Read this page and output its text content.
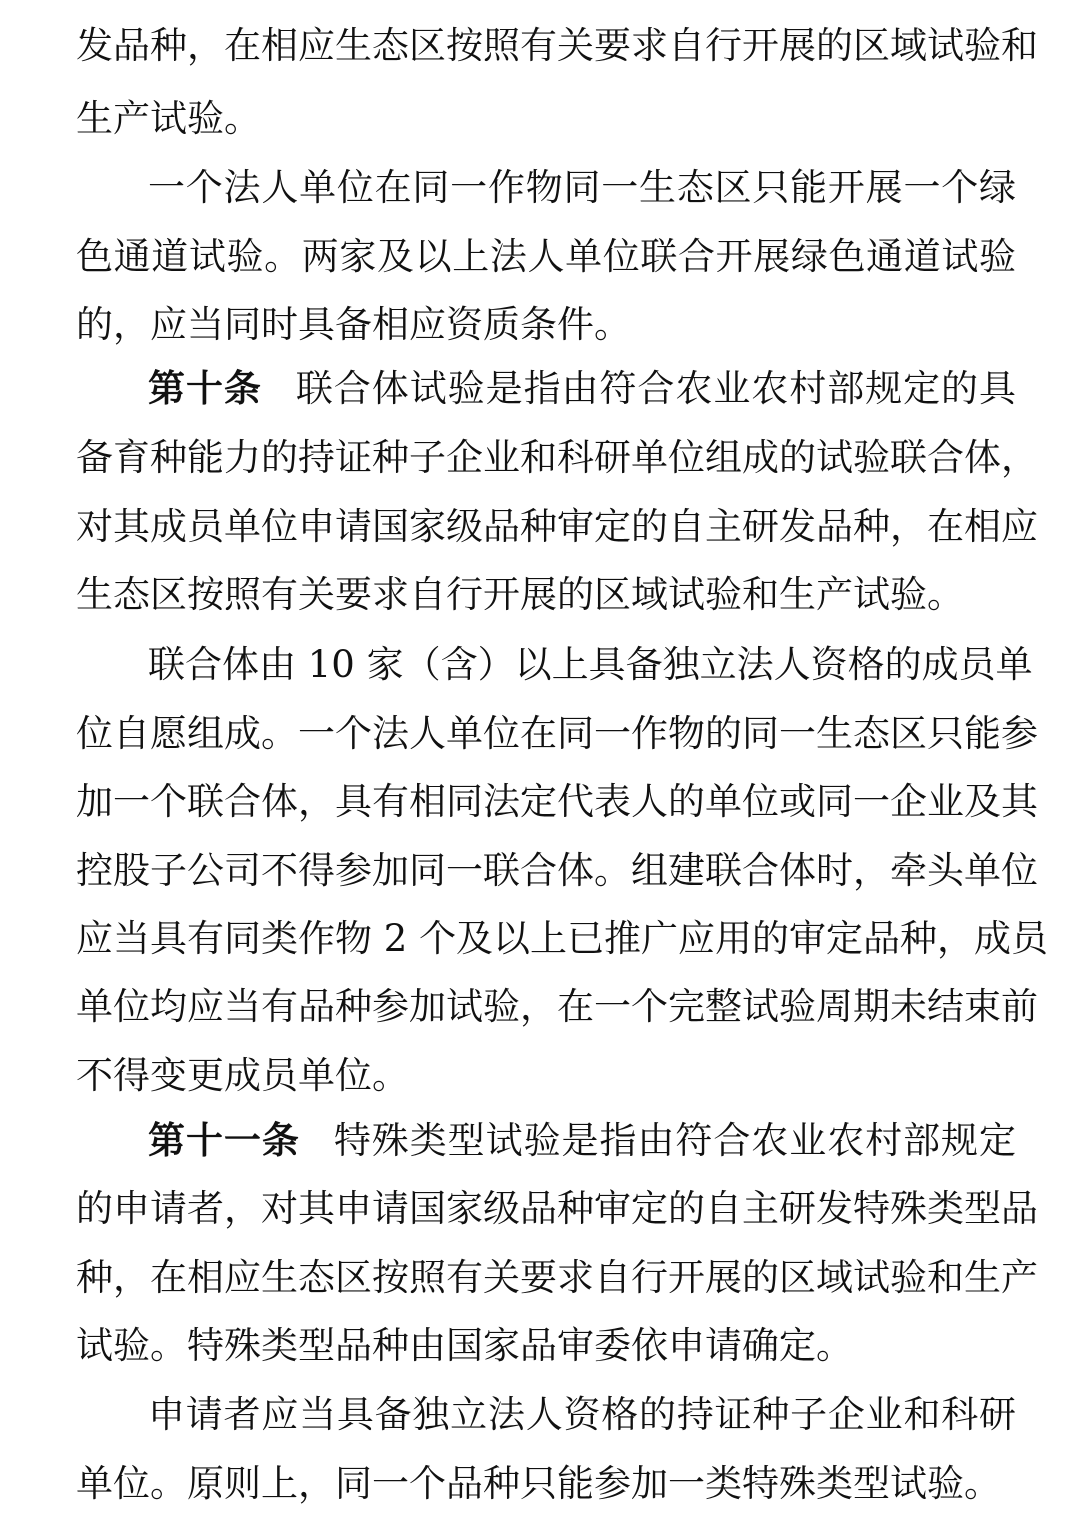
发品种，在相应生态区按照有关要求自行开展的区域试验和
生产试验。
一个法人单位在同一作物同一生态区只能开展一个绿
色通道试验。两家及以上法人单位联合开展绿色通道试验
的，应当同时具备相应资质条件。
第十条 联合体试验是指由符合农业农村部规定的具
备育种能力的持证种子企业和科研单位组成的试验联合体，
对其成员单位申请国家级品种审定的自主研发品种，在相应
生态区按照有关要求自行开展的区域试验和生产试验。
联合体由 10 家（含）以上具备独立法人资格的成员单
位自愿组成。一个法人单位在同一作物的同一生态区只能参
加一个联合体，具有相同法定代表人的单位或同一企业及其
控股子公司不得参加同一联合体。组建联合体时，牵头单位
应当具有同类作物 2 个及以上已推广应用的审定品种，成员
单位均应当有品种参加试验，在一个完整试验周期未结束前
不得变更成员单位。
第十一条 特殊类型试验是指由符合农业农村部规定
的申请者，对其申请国家级品种审定的自主研发特殊类型品
种，在相应生态区按照有关要求自行开展的区域试验和生产
试验。特殊类型品种由国家品审委依申请确定。
申请者应当具备独立法人资格的持证种子企业和科研
单位。原则上，同一个品种只能参加一类特殊类型试验。
